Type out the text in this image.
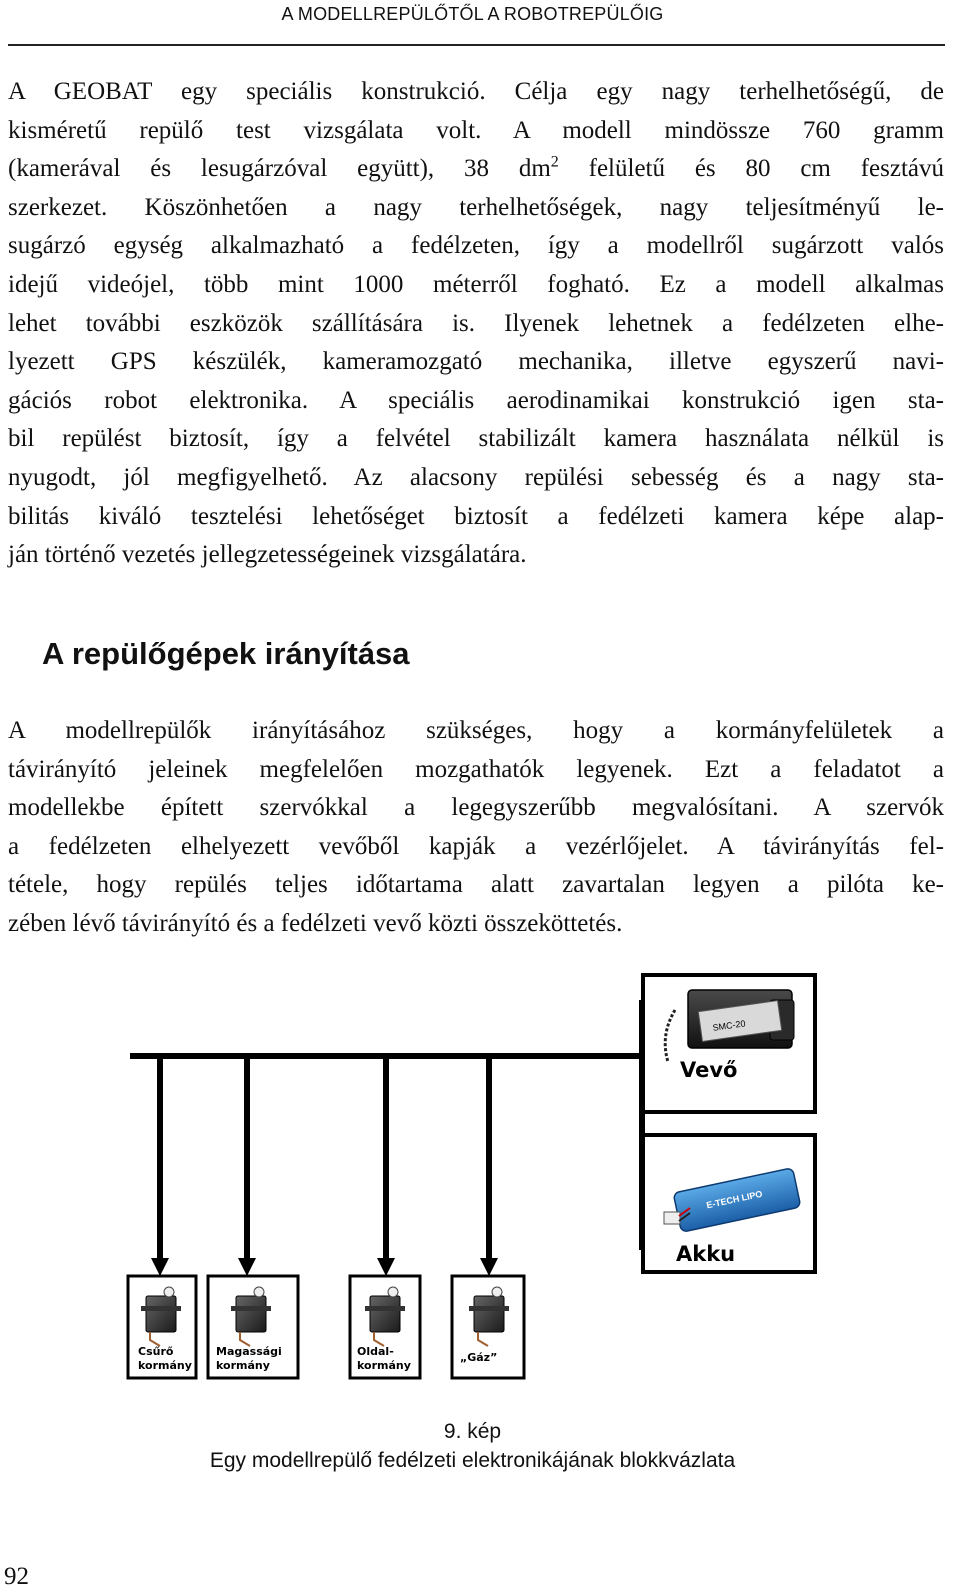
A MODELLREPÜLŐTŐL A ROBOTREPÜLŐIG
A GEOBAT egy speciális konstrukció. Célja egy nagy terhelhetőségű, de
kisméretű repülő test vizsgálata volt. A modell mindössze 760 gramm
(kamerával és lesugárzóval együtt), 38 $dm^2$ felületű és 80 cm fesztávú
szerkezet. Köszönhetően a nagy terhelhetőségek, nagy teljesítményű le-
sugárzó egység alkalmazható a fedélzeten, így a modellről sugárzott valós
idejű videójel, több mint 1000 méterről fogható. Ez a modell alkalmas
lehet további eszközök szállítására is. Ilyenek lehetnek a fedélzeten elhe-
lyezett GPS készülék, kameramozgató mechanika, illetve egyszerű navi-
gációs robot elektronika. A speciális aerodinamikai konstrukció igen sta-
bil repülést biztosít, így a felvétel stabilizált kamera használata nélkül is
nyugodt, jól megfigyelhető. Az alacsony repülési sebesség és a nagy sta-
bilitás kiváló tesztelési lehetőséget biztosít a fedélzeti kamera képe alap-
ján történő vezetés jellegzetességeinek vizsgálatára.
A repülőgépek irányítása
A modellrepülők irányításához szükséges, hogy a kormányfelületek a
távirányító jeleinek megfelelően mozgathatók legyenek. Ezt a feladatot a
modellekbe épített szervókkal a legegyszerűbb megvalósítani. A szervók
a fedélzeten elhelyezett vevőből kapják a vezérlőjelet. A távirányítás fel-
tétele, hogy repülés teljes időtartama alatt zavartalan legyen a pilóta ke-
zében lévő távirányító és a fedélzeti vevő közti összeköttetés.
SMC-20
Vevő
E-TECH LIPO
Akku
Csűrő
kormány
Magassági
kormány
Oldal-
kormány
„Gáz”
9. kép
Egy modellrepülő fedélzeti elektronikájának blokkvázlata
92
